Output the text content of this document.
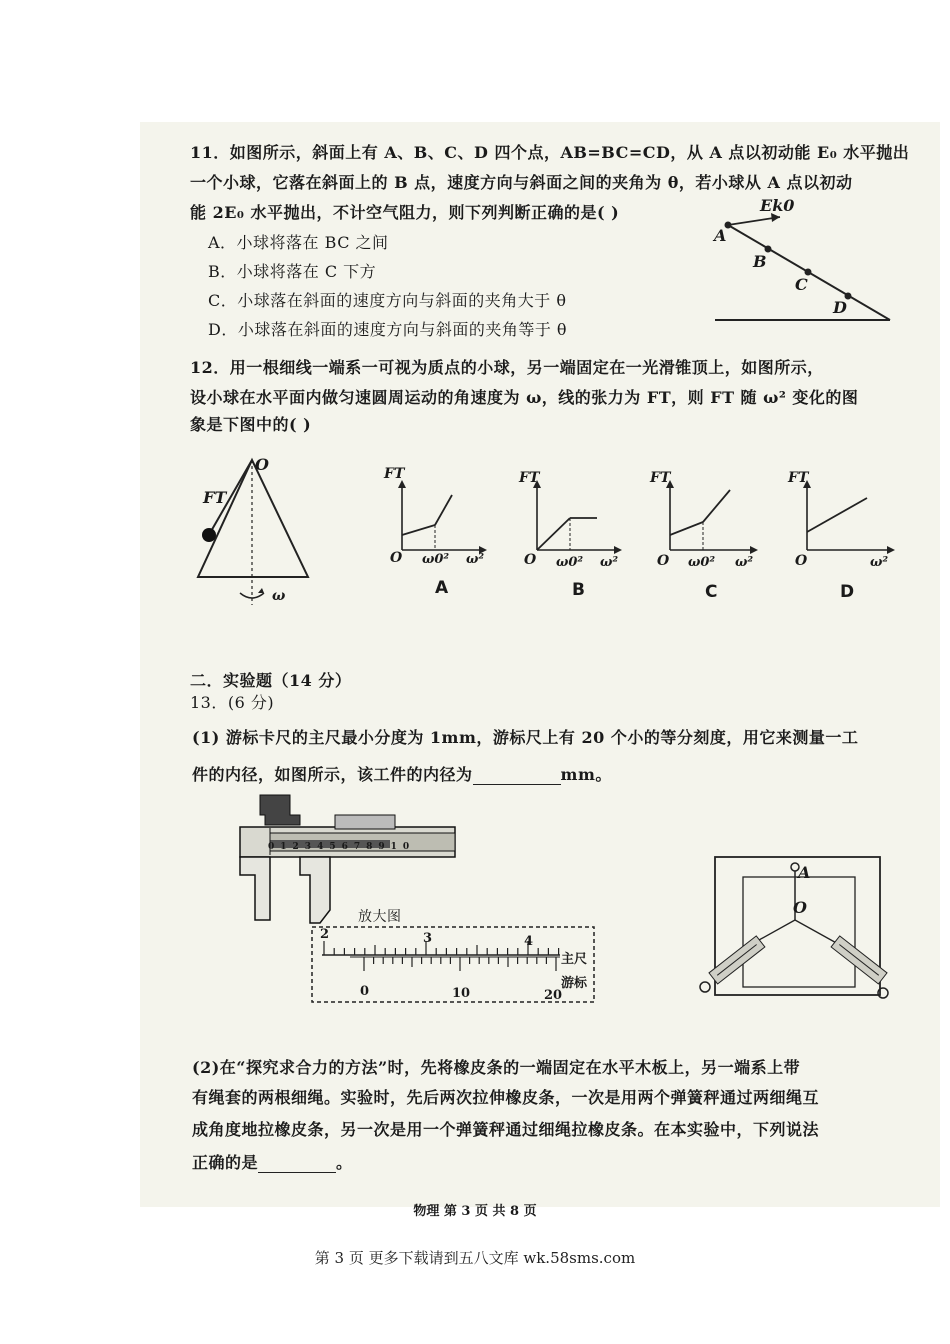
11．如图所示，斜面上有 A、B、C、D 四个点，AB=BC=CD，从 A 点以初动能 E₀ 水平抛出
一个小球，它落在斜面上的 B 点，速度方向与斜面之间的夹角为 θ，若小球从 A 点以初动
能 2E₀ 水平抛出，不计空气阻力，则下列判断正确的是( )
A．小球将落在 BC 之间
B．小球将落在 C 下方
C．小球落在斜面的速度方向与斜面的夹角大于 θ
D．小球落在斜面的速度方向与斜面的夹角等于 θ
Ek0
A
B
C
D
12．用一根细线一端系一可视为质点的小球，另一端固定在一光滑锥顶上，如图所示，
设小球在水平面内做匀速圆周运动的角速度为 ω，线的张力为 FT，则 FT 随 ω² 变化的图
象是下图中的( )
O
FT
ω
FT
O ω0² ω²
A
FT
O ω0² ω²
B
FT
O ω0² ω²
C
FT
O	ω²
D
二．实验题（14 分）
13．(6 分)
(1) 游标卡尺的主尺最小分度为 1mm，游标尺上有 20 个小的等分刻度，用它来测量一工
件的内径，如图所示，该工件的内径为	mm。
012345678910
放大图
2	3	4
主尺
游标
0	10	20
A
O
(2)在“探究求合力的方法”时，先将橡皮条的一端固定在水平木板上，另一端系上带
有绳套的两根细绳。实验时，先后两次拉伸橡皮条，一次是用两个弹簧秤通过两细绳互
成角度地拉橡皮条，另一次是用一个弹簧秤通过细绳拉橡皮条。在本实验中，下列说法
正确的是	。
物理 第 3 页 共 8 页
第 3 页 更多下载请到五八文库 wk.58sms.com
